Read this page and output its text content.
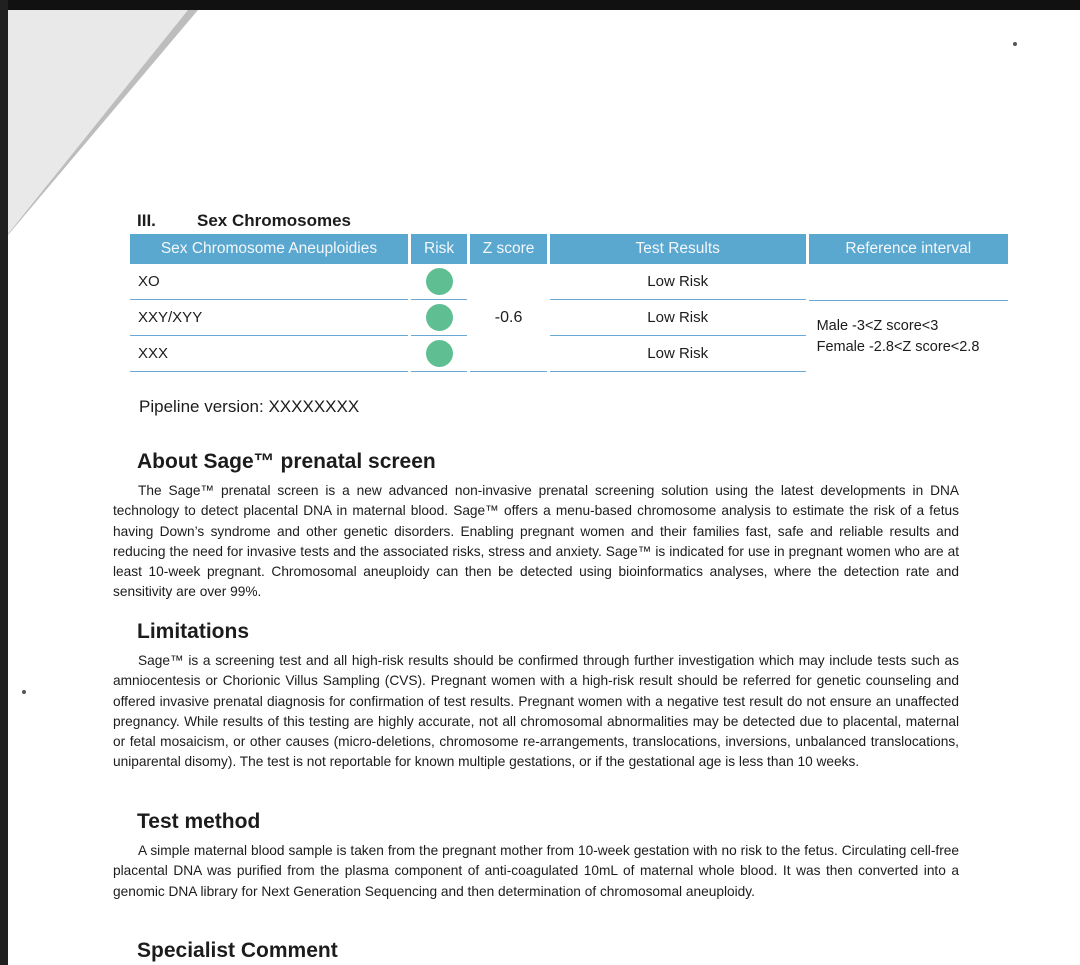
III. Sex Chromosomes
Sex Chromosome Aneuploidies	Risk	Z score	Test Results	Reference interval
XO		-0.6	Low Risk	
XXY/XYY			Low Risk	Male -3<Z score<3
Female -2.8<Z score<2.8

XXX			Low Risk	
Pipeline version: XXXXXXXX
About Sage™ prenatal screen
The Sage™ prenatal screen is a new advanced non-invasive prenatal screening solution using the latest developments in DNA technology to detect placental DNA in maternal blood. Sage™ offers a menu-based chromosome analysis to estimate the risk of a fetus having Down’s syndrome and other genetic disorders. Enabling pregnant women and their families fast, safe and reliable results and reducing the need for invasive tests and the associated risks, stress and anxiety. Sage™ is indicated for use in pregnant women who are at least 10-week pregnant. Chromosomal aneuploidy can then be detected using bioinformatics analyses, where the detection rate and sensitivity are over 99%.
Limitations
Sage™ is a screening test and all high-risk results should be confirmed through further investigation which may include tests such as amniocentesis or Chorionic Villus Sampling (CVS). Pregnant women with a high-risk result should be referred for genetic counseling and offered invasive prenatal diagnosis for confirmation of test results. Pregnant women with a negative test result do not ensure an unaffected pregnancy. While results of this testing are highly accurate, not all chromosomal abnormalities may be detected due to placental, maternal or fetal mosaicism, or other causes (micro-deletions, chromosome re-arrangements, translocations, inversions, unbalanced translocations, uniparental disomy). The test is not reportable for known multiple gestations, or if the gestational age is less than 10 weeks.
Test method
A simple maternal blood sample is taken from the pregnant mother from 10-week gestation with no risk to the fetus. Circulating cell-free placental DNA was purified from the plasma component of anti-coagulated 10mL of maternal whole blood. It was then converted into a genomic DNA library for Next Generation Sequencing and then determination of chromosomal aneuploidy.
Specialist Comment
